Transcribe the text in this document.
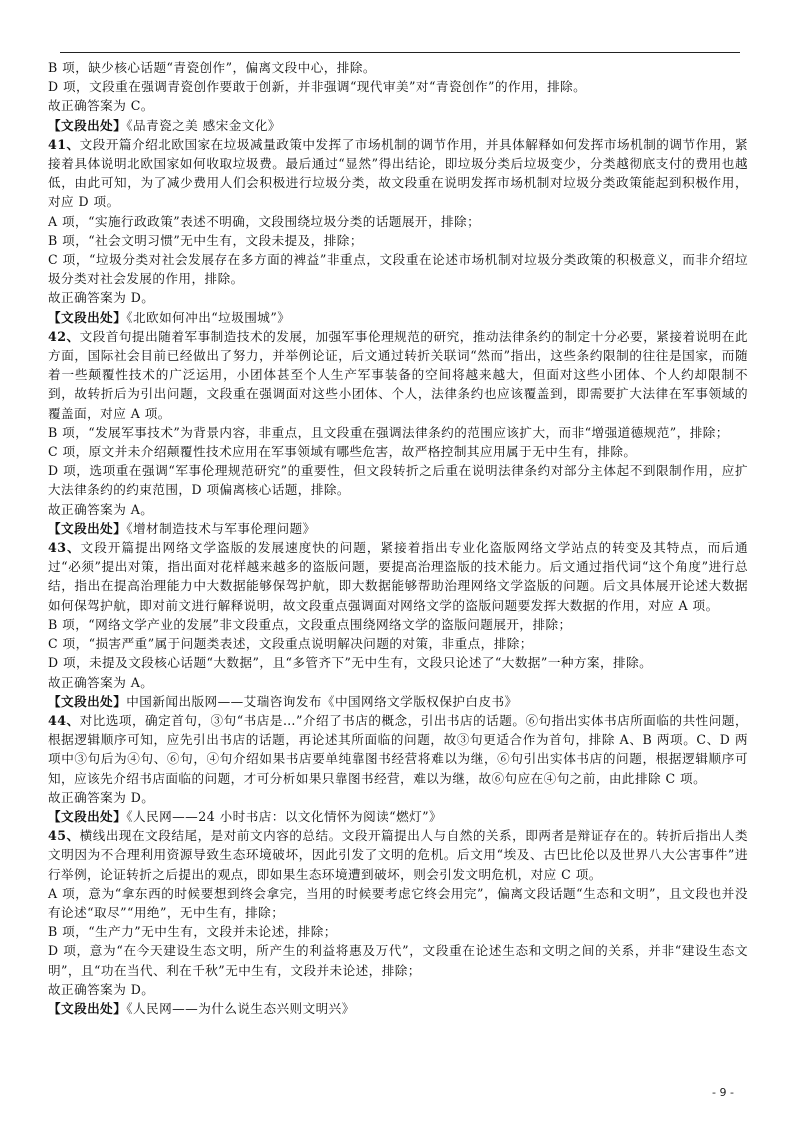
B 项，缺少核心话题“青瓷创作”，偏离文段中心，排除。

D 项，文段重在强调青瓷创作要敢于创新，并非强调“现代审美”对“青瓷创作”的作用，排除。

故正确答案为 C。

【文段出处】《品青瓷之美 感宋金文化》

41、文段开篇介绍北欧国家在垃圾减量政策中发挥了市场机制的调节作用，并具体解释如何发挥市场机制的调节作用，紧接着具体说明北欧国家如何收取垃圾费。最后通过“显然”得出结论，即垃圾分类后垃圾变少，分类越彻底支付的费用也越低，由此可知，为了减少费用人们会积极进行垃圾分类，故文段重在说明发挥市场机制对垃圾分类政策能起到积极作用，对应 D 项。

A 项，“实施行政政策”表述不明确，文段围绕垃圾分类的话题展开，排除；

B 项，“社会文明习惯”无中生有，文段未提及，排除；

C 项，“垃圾分类对社会发展存在多方面的裨益”非重点，文段重在论述市场机制对垃圾分类政策的积极意义，而非介绍垃圾分类对社会发展的作用，排除。

故正确答案为 D。

【文段出处】《北欧如何冲出“垃圾围城”》

42、文段首句提出随着军事制造技术的发展，加强军事伦理规范的研究，推动法律条约的制定十分必要，紧接着说明在此方面，国际社会目前已经做出了努力，并举例论证，后文通过转折关联词“然而”指出，这些条约限制的往往是国家，而随着一些颠覆性技术的广泛运用，小团体甚至个人生产军事装备的空间将越来越大，但面对这些小团体、个人约却限制不到，故转折后为引出问题，文段重在强调面对这些小团体、个人，法律条约也应该覆盖到，即需要扩大法律在军事领域的覆盖面，对应 A 项。

B 项，“发展军事技术”为背景内容，非重点，且文段重在强调法律条约的范围应该扩大，而非“增强道德规范”，排除；

C 项，原文并未介绍颠覆性技术应用在军事领域有哪些危害，故严格控制其应用属于无中生有，排除。

D 项，选项重在强调“军事伦理规范研究”的重要性，但文段转折之后重在说明法律条约对部分主体起不到限制作用，应扩大法律条约的约束范围，D 项偏离核心话题，排除。

故正确答案为 A。

【文段出处】《增材制造技术与军事伦理问题》

43、文段开篇提出网络文学盗版的发展速度快的问题，紧接着指出专业化盗版网络文学站点的转变及其特点，而后通过“必须”提出对策，指出面对花样越来越多的盗版问题，要提高治理盗版的技术能力。后文通过指代词“这个角度”进行总结，指出在提高治理能力中大数据能够保驾护航，即大数据能够帮助治理网络文学盗版的问题。后文具体展开论述大数据如何保驾护航，即对前文进行解释说明，故文段重点强调面对网络文学的盗版问题要发挥大数据的作用，对应 A 项。

B 项，“网络文学产业的发展”非文段重点，文段重点围绕网络文学的盗版问题展开，排除；

C 项，“损害严重”属于问题类表述，文段重点说明解决问题的对策，非重点，排除；

D 项，未提及文段核心话题“大数据”，且“多管齐下”无中生有，文段只论述了“大数据”一种方案，排除。

故正确答案为 A。

【文段出处】中国新闻出版网——艾瑞咨询发布《中国网络文学版权保护白皮书》

44、对比选项，确定首句，③句“书店是…”介绍了书店的概念，引出书店的话题。⑥句指出实体书店所面临的共性问题，根据逻辑顺序可知，应先引出书店的话题，再论述其所面临的问题，故③句更适合作为首句，排除 A、B 两项。C、D 两项中③句后为④句、⑥句，④句介绍如果书店要单纯靠图书经营将难以为继，⑥句引出实体书店的问题，根据逻辑顺序可知，应该先介绍书店面临的问题，才可分析如果只靠图书经营，难以为继，故⑥句应在④句之前，由此排除 C 项。

故正确答案为 D。

【文段出处】《人民网——24 小时书店：以文化情怀为阅读“燃灯”》

45、横线出现在文段结尾，是对前文内容的总结。文段开篇提出人与自然的关系，即两者是辩证存在的。转折后指出人类文明因为不合理利用资源导致生态环境破坏，因此引发了文明的危机。后文用“埃及、古巴比伦以及世界八大公害事件”进行举例，论证转折之后提出的观点，即如果生态环境遭到破坏，则会引发文明危机，对应 C 项。

A 项，意为“拿东西的时候要想到终会拿完，当用的时候要考虑它终会用完”，偏离文段话题“生态和文明”，且文段也并没有论述“取尽”“用绝”，无中生有，排除；

B 项，“生产力”无中生有，文段并未论述，排除；

D 项，意为“在今天建设生态文明，所产生的利益将惠及万代”，文段重在论述生态和文明之间的关系，并非“建设生态文明”，且“功在当代、利在千秋”无中生有，文段并未论述，排除；

故正确答案为 D。

【文段出处】《人民网——为什么说生态兴则文明兴》

- 9 -
